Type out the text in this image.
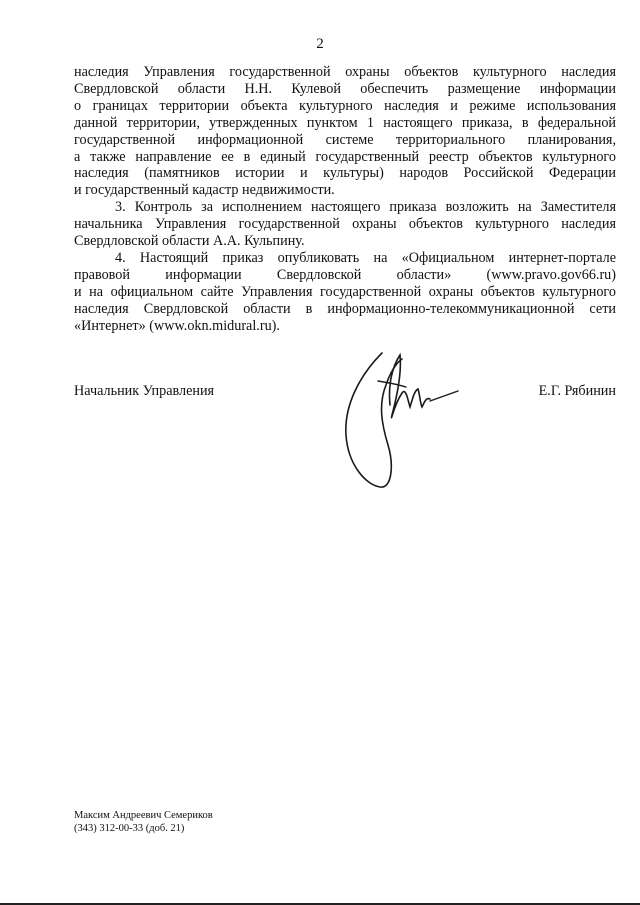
2

наследия Управления государственной охраны объектов культурного наследия
Свердловской области Н.Н. Кулевой обеспечить размещение информации
о границах территории объекта культурного наследия и режиме использования
данной территории, утвержденных пунктом 1 настоящего приказа, в федеральной
государственной информационной системе территориального планирования,
а также направление ее в единый государственный реестр объектов культурного
наследия (памятников истории и культуры) народов Российской Федерации
и государственный кадастр недвижимости.

3. Контроль за исполнением настоящего приказа возложить на Заместителя
начальника Управления государственной охраны объектов культурного наследия
Свердловской области А.А. Кульпину.

4. Настоящий приказ опубликовать на «Официальном интернет-портале
правовой информации Свердловской области» (www.pravo.gov66.ru)
и на официальном сайте Управления государственной охраны объектов культурного
наследия Свердловской области в информационно-телекоммуникационной сети
«Интернет» (www.okn.midural.ru).

Начальник Управления	Е.Г. Рябинин
Максим Андреевич Семериков
(343) 312-00-33 (доб. 21)
